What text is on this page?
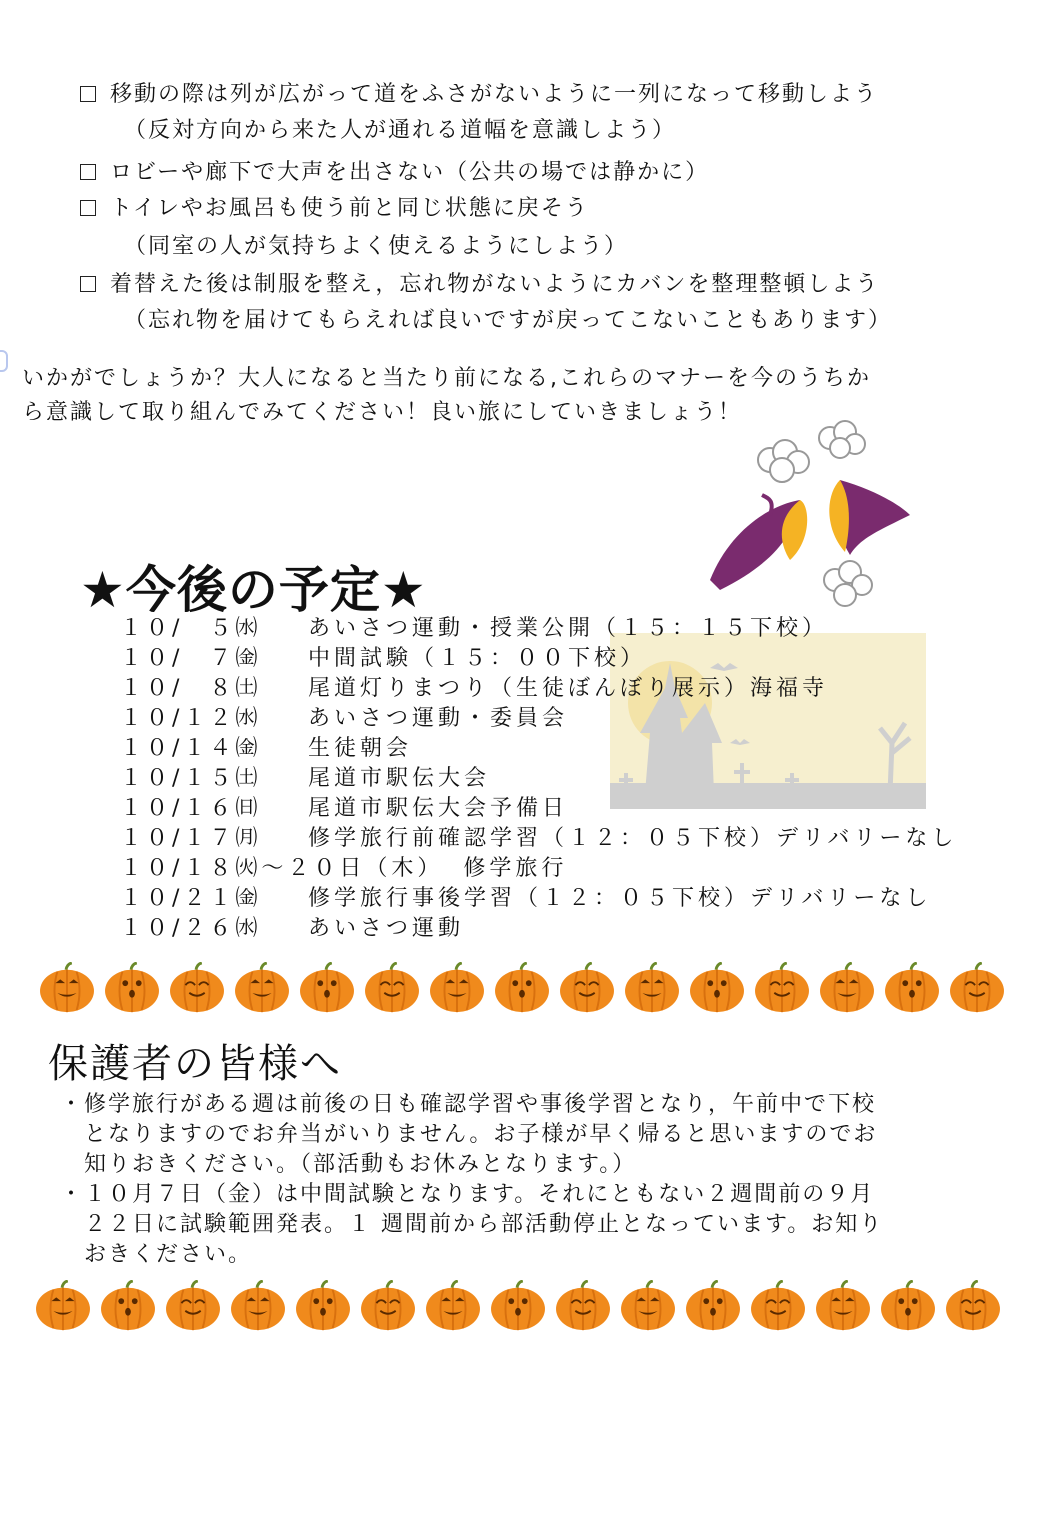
移動の際は列が広がって道をふさがないように一列になって移動しよう
（反対方向から来た人が通れる道幅を意識しよう）
ロビーや廊下で大声を出さない（公共の場では静かに）
トイレやお風呂も使う前と同じ状態に戻そう
（同室の人が気持ちよく使えるようにしよう）
着替えた後は制服を整え，忘れ物がないようにカバンを整理整頓しよう
（忘れ物を届けてもらえれば良いですが戻ってこないこともあります）
いかがでしょうか？大人になると当たり前になる,これらのマナーを今のうちか
ら意識して取り組んでみてください！良い旅にしていきましょう！
★今後の予定★
１０/　５㈬ あいさつ運動・授業公開（１５：１５下校）
１０/　７㈮ 中間試験（１５：００下校）
１０/　８㈯ 尾道灯りまつり（生徒ぼんぼり展示）海福寺
１０/１２㈬ あいさつ運動・委員会
１０/１４㈮ 生徒朝会
１０/１５㈯ 尾道市駅伝大会
１０/１６㈰ 尾道市駅伝大会予備日
１０/１７㈪ 修学旅行前確認学習（１２：０５下校）デリバリーなし
１０/１８㈫～２０日（木） 修学旅行
１０/２１㈮ 修学旅行事後学習（１２：０５下校）デリバリーなし
１０/２６㈬ あいさつ運動
保護者の皆様へ
・ 修学旅行がある週は前後の日も確認学習や事後学習となり，午前中で下校
となりますのでお弁当がいりません。お子様が早く帰ると思いますのでお
知りおきください。（部活動もお休みとなります。）
・ １０月７日（金）は中間試験となります。それにともない２週間前の９月
２２日に試験範囲発表。１ 週間前から部活動停止となっています。お知り
おきください。
